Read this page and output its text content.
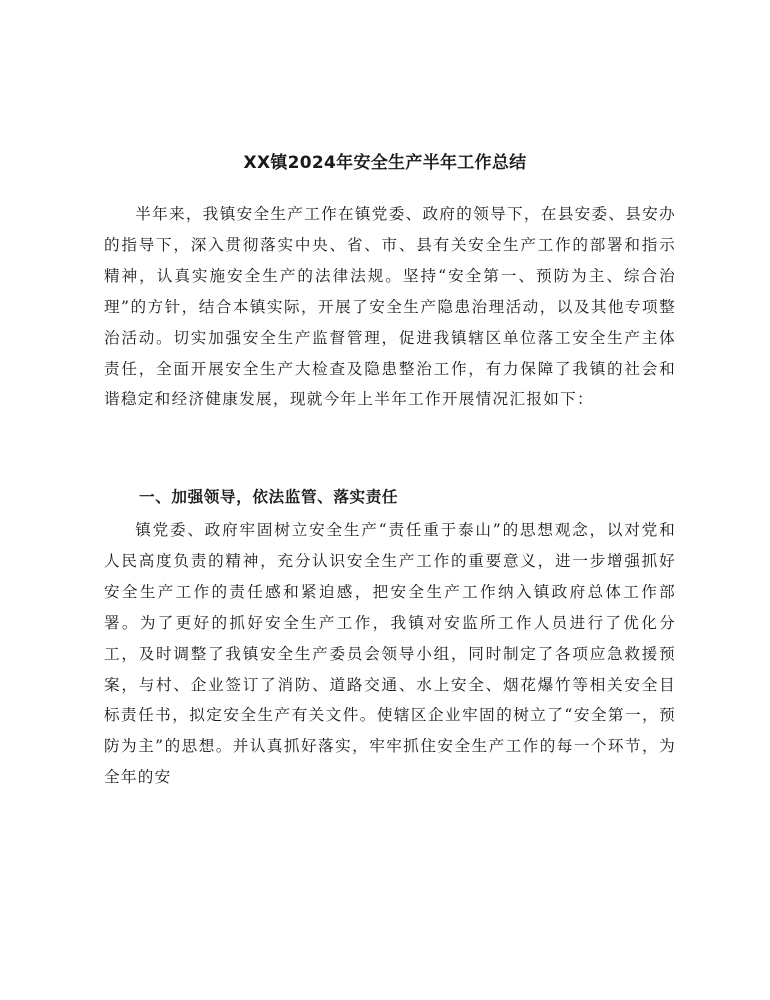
XX镇2024年安全生产半年工作总结

半年来，我镇安全生产工作在镇党委、政府的领导下，在县安委、县安办的指导下，深入贯彻落实中央、省、市、县有关安全生产工作的部署和指示精神，认真实施安全生产的法律法规。坚持“安全第一、预防为主、综合治理”的方针，结合本镇实际，开展了安全生产隐患治理活动，以及其他专项整治活动。切实加强安全生产监督管理，促进我镇辖区单位落工安全生产主体责任，全面开展安全生产大检查及隐患整治工作，有力保障了我镇的社会和谐稳定和经济健康发展，现就今年上半年工作开展情况汇报如下：

一、加强领导，依法监管、落实责任

镇党委、政府牢固树立安全生产“责任重于泰山”的思想观念，以对党和人民高度负责的精神，充分认识安全生产工作的重要意义，进一步增强抓好安全生产工作的责任感和紧迫感，把安全生产工作纳入镇政府总体工作部署。为了更好的抓好安全生产工作，我镇对安监所工作人员进行了优化分工，及时调整了我镇安全生产委员会领导小组，同时制定了各项应急救援预案，与村、企业签订了消防、道路交通、水上安全、烟花爆竹等相关安全目标责任书，拟定安全生产有关文件。使辖区企业牢固的树立了“安全第一，预防为主”的思想。并认真抓好落实，牢牢抓住安全生产工作的每一个环节，为全年的安
